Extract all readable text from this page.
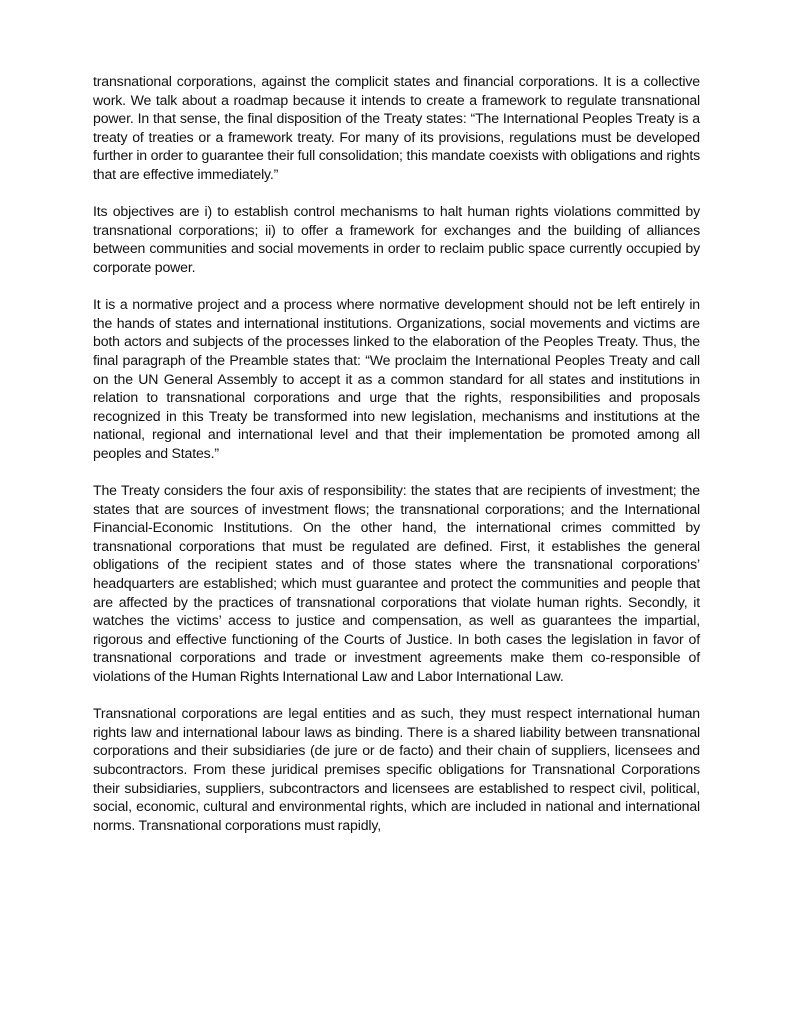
transnational corporations, against the complicit states and financial corporations. It is a collective work. We talk about a roadmap because it intends to create a framework to regulate transnational power. In that sense, the final disposition of the Treaty states: “The International Peoples Treaty is a treaty of treaties or a framework treaty. For many of its provisions, regulations must be developed further in order to guarantee their full consolidation; this mandate coexists with obligations and rights that are effective immediately.”

Its objectives are i) to establish control mechanisms to halt human rights violations committed by transnational corporations; ii) to offer a framework for exchanges and the building of alliances between communities and social movements in order to reclaim public space currently occupied by corporate power.

It is a normative project and a process where normative development should not be left entirely in the hands of states and international institutions. Organizations, social movements and victims are both actors and subjects of the processes linked to the elaboration of the Peoples Treaty. Thus, the final paragraph of the Preamble states that: “We proclaim the International Peoples Treaty and call on the UN General Assembly to accept it as a common standard for all states and institutions in relation to transnational corporations and urge that the rights, responsibilities and proposals recognized in this Treaty be transformed into new legislation, mechanisms and institutions at the national, regional and international level and that their implementation be promoted among all peoples and States.”

The Treaty considers the four axis of responsibility: the states that are recipients of investment; the states that are sources of investment flows; the transnational corporations; and the International Financial-Economic Institutions. On the other hand, the international crimes committed by transnational corporations that must be regulated are defined. First, it establishes the general obligations of the recipient states and of those states where the transnational corporations’ headquarters are established; which must guarantee and protect the communities and people that are affected by the practices of transnational corporations that violate human rights. Secondly, it watches the victims’ access to justice and compensation, as well as guarantees the impartial, rigorous and effective functioning of the Courts of Justice. In both cases the legislation in favor of transnational corporations and trade or investment agreements make them co-responsible of violations of the Human Rights International Law and Labor International Law.

Transnational corporations are legal entities and as such, they must respect international human rights law and international labour laws as binding. There is a shared liability between transnational corporations and their subsidiaries (de jure or de facto) and their chain of suppliers, licensees and subcontractors. From these juridical premises specific obligations for Transnational Corporations their subsidiaries, suppliers, subcontractors and licensees are established to respect civil, political, social, economic, cultural and environmental rights, which are included in national and international norms. Transnational corporations must rapidly,
